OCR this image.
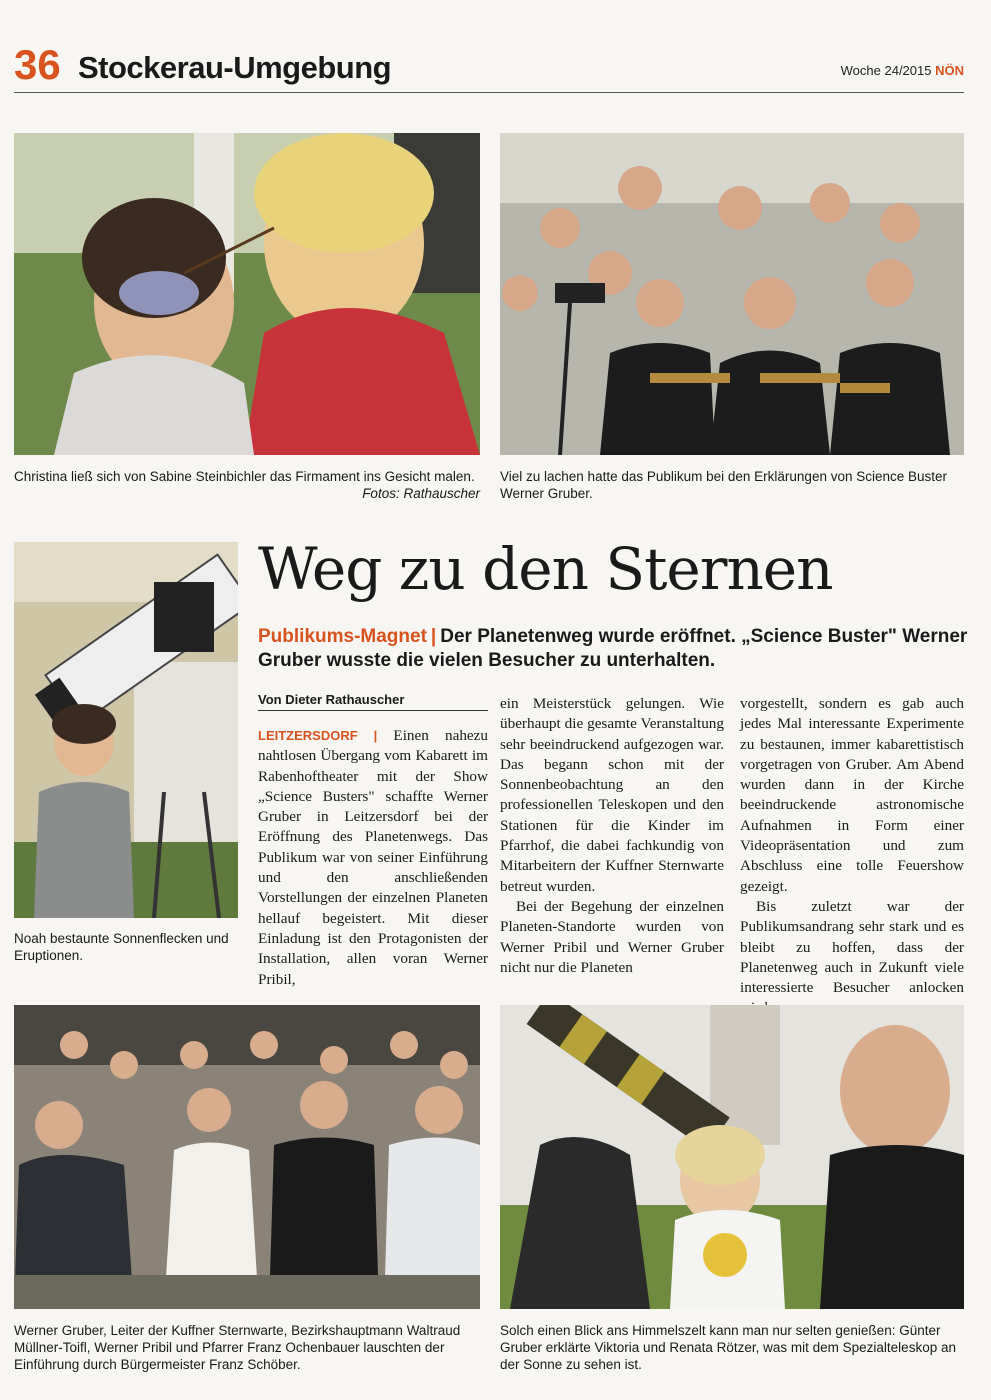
36 Stockerau-Umgebung	Woche 24/2015 NÖN
Christina ließ sich von Sabine Steinbichler das Firmament ins Gesicht malen.
Fotos: Rathauscher
Viel zu lachen hatte das Publikum bei den Erklärungen von Science Buster Werner Gruber.
Noah bestaunte Sonnenflecken und Eruptionen.
Weg zu den Sternen
Publikums-Magnet | Der Planetenweg wurde eröffnet. „Science Buster" Werner Gruber wusste die vielen Besucher zu unterhalten.
Von Dieter Rathauscher

LEITZERSDORF | Einen nahezu nahtlosen Übergang vom Kabarett im Rabenhoftheater mit der Show „Science Busters" schaffte Werner Gruber in Leitzersdorf bei der Eröffnung des Planetenwegs. Das Publikum war von seiner Einführung und den anschließenden Vorstellungen der einzelnen Planeten hellauf begeistert. Mit dieser Einladung ist den Protagonisten der Installation, allen voran Werner Pribil,

ein Meisterstück gelungen. Wie überhaupt die gesamte Veranstaltung sehr beeindruckend aufgezogen war. Das begann schon mit der Sonnenbeobachtung an den professionellen Teleskopen und den Stationen für die Kinder im Pfarrhof, die dabei fachkundig von Mitarbeitern der Kuffner Sternwarte betreut wurden.

Bei der Begehung der einzelnen Planeten-Standorte wurden von Werner Pribil und Werner Gruber nicht nur die Planeten

vorgestellt, sondern es gab auch jedes Mal interessante Experimente zu bestaunen, immer kabarettistisch vorgetragen von Gruber. Am Abend wurden dann in der Kirche beeindruckende astronomische Aufnahmen in Form einer Videopräsentation und zum Abschluss eine tolle Feuershow gezeigt.

Bis zuletzt war der Publikumsandrang sehr stark und es bleibt zu hoffen, dass der Planetenweg auch in Zukunft viele interessierte Besucher anlocken

Werner Gruber, Leiter der Kuffner Sternwarte, Bezirkshauptmann Waltraud Müllner-Toifl, Werner Pribil und Pfarrer Franz Ochenbauer lauschten der Einführung durch Bürgermeister Franz Schöber.
Solch einen Blick ans Himmelszelt kann man nur selten genießen: Günter Gruber erklärte Viktoria und Renata Rötzer, was mit dem Spezialteleskop an der Sonne zu sehen ist.
